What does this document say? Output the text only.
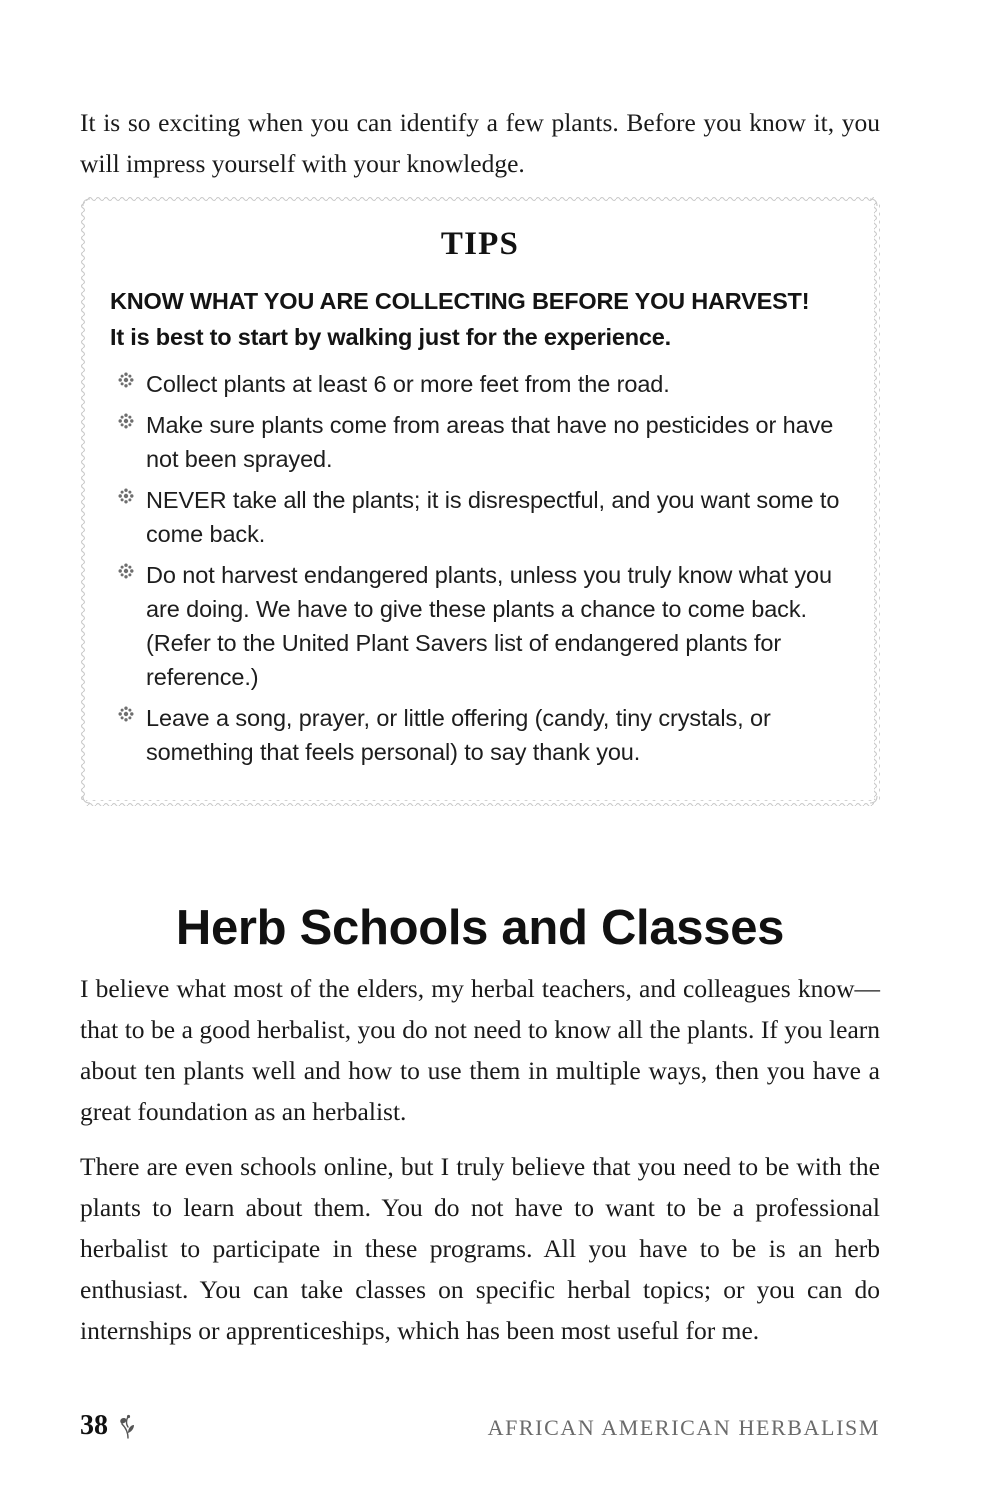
It is so exciting when you can identify a few plants. Before you know it, you will impress yourself with your knowledge.

TIPS
KNOW WHAT YOU ARE COLLECTING BEFORE YOU HARVEST!
It is best to start by walking just for the experience.
Collect plants at least 6 or more feet from the road.
Make sure plants come from areas that have no pesticides or have not been sprayed.
NEVER take all the plants; it is disrespectful, and you want some to come back.
Do not harvest endangered plants, unless you truly know what you are doing. We have to give these plants a chance to come back. (Refer to the United Plant Savers list of endangered plants for reference.)
Leave a song, prayer, or little offering (candy, tiny crystals, or something that feels personal) to say thank you.
Herb Schools and Classes

I believe what most of the elders, my herbal teachers, and colleagues know—that to be a good herbalist, you do not need to know all the plants. If you learn about ten plants well and how to use them in multiple ways, then you have a great foundation as an herbalist.

There are even schools online, but I truly believe that you need to be with the plants to learn about them. You do not have to want to be a professional herbalist to participate in these programs. All you have to be is an herb enthusiast. You can take classes on specific herbal topics; or you can do internships or apprenticeships, which has been most useful for me.

38	AFRICAN AMERICAN HERBALISM
